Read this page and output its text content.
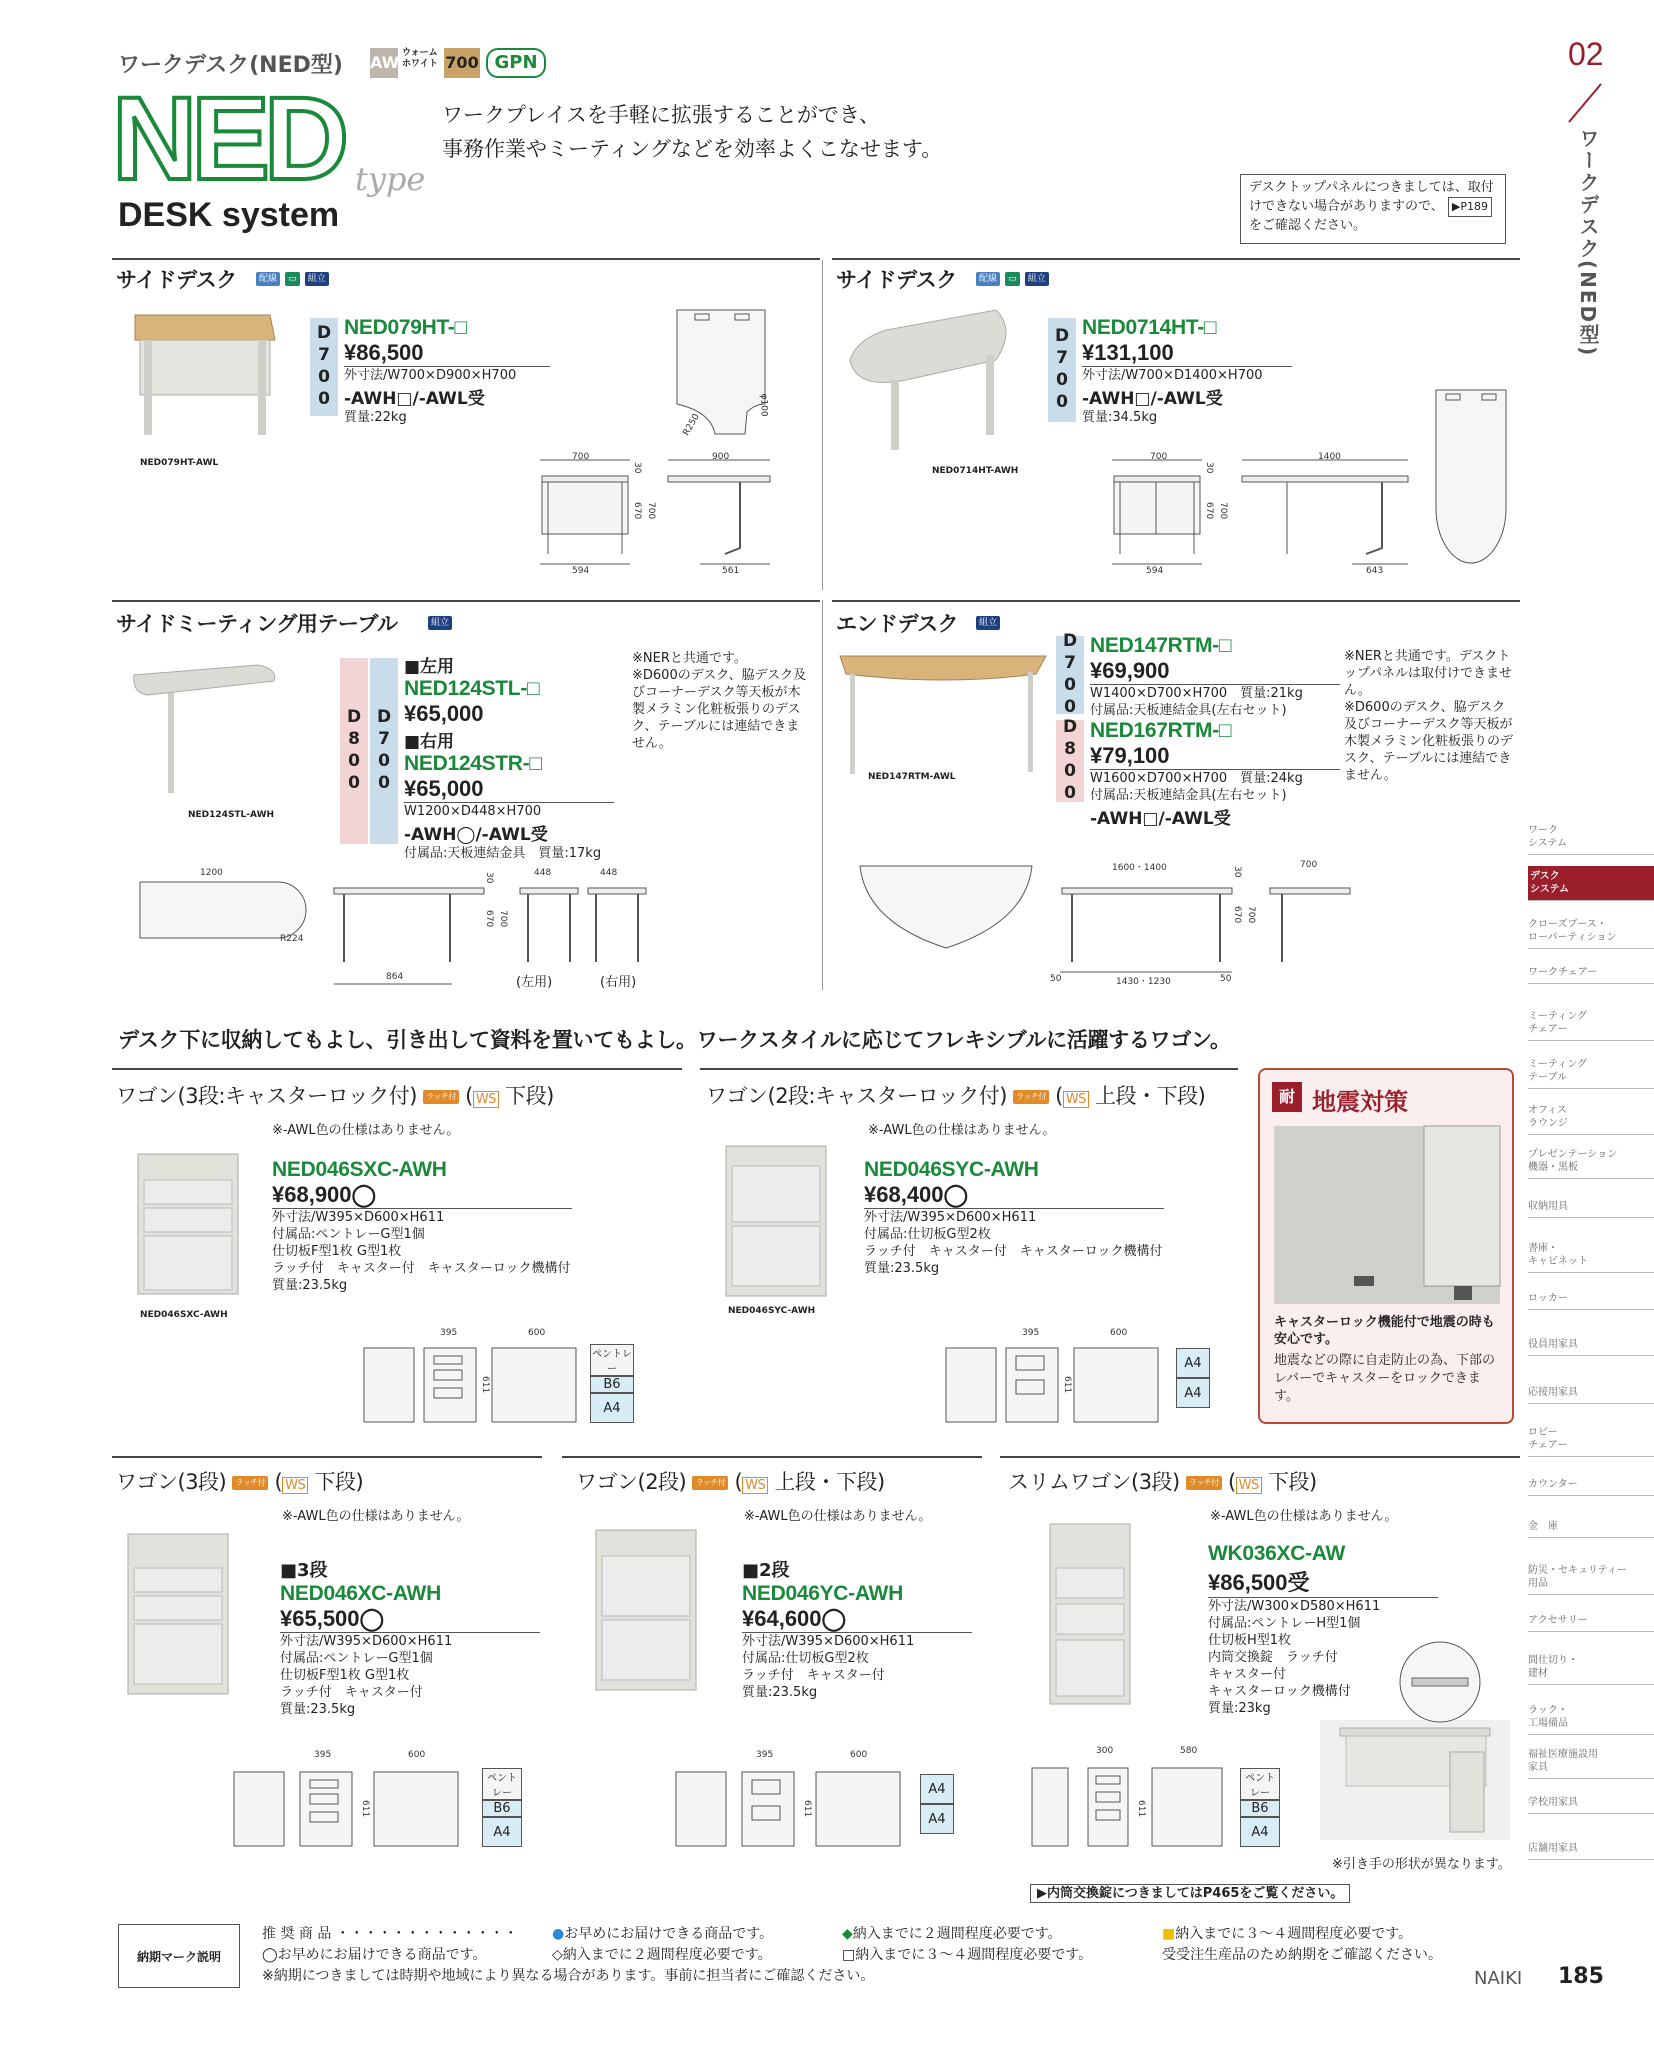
ワークデスク(NED型) AW ウォーム
ホワイト 700 GPN
NED type
DESK system
ワークプレイスを手軽に拡張することができ、
事務作業やミーティングなどを効率よくこなせます。
デスクトップパネルにつきましては、取付けできない場合がありますので、 ▶P189 をご確認ください。
02
ワークデスク(NED型)
サイドデスク	配線 ▭ 組立
NED079HT-AWL
D700 NED079HT-□
¥86,500
外寸法/W700×D900×H700
-AWH□/-AWL受
質量:22kg	R250
φ100
700	900
30
670 700
594	561
サイドデスク	配線 ▭ 組立
NED0714HT-AWH
D700 NED0714HT-□
¥131,100
外寸法/W700×D1400×H700
-AWH□/-AWL受
質量:34.5kg
700	1400
30
670 700
594	643
サイドミーティング用テーブル	組立
NED124STL-AWH
D800 D700
■左用
NED124STL-□
¥65,000
■右用
NED124STR-□
¥65,000
W1200×D448×H700
-AWH◯/-AWL受
付属品:天板連結金具　質量:17kg
※NERと共通です。
※D600のデスク、脇デスク及びコーナーデスク等天板が木製メラミン化粧板張りのデスク、テーブルには連結できません。
1200
R224
864
448	448
30
670 700
(左用)	(右用)
エンドデスク	組立
NED147RTM-AWL
D700
D800
NED147RTM-□
¥69,900
W1400×D700×H700　質量:21kg
付属品:天板連結金具(左右セット)
NED167RTM-□
¥79,100
W1600×D700×H700　質量:24kg
付属品:天板連結金具(左右セット)
-AWH□/-AWL受
※NERと共通です。デスクトップパネルは取付けできません。
※D600のデスク、脇デスク及びコーナーデスク等天板が木製メラミン化粧板張りのデスク、テーブルには連結できません。
1600・1400	700
30
670 700
50	1430・1230	50
デスク下に収納してもよし、引き出して資料を置いてもよし。ワークスタイルに応じてフレキシブルに活躍するワゴン。
ワゴン(3段:キャスターロック付) ラッチ付 ( WS 下段)
※-AWL色の仕様はありません。
NED046SXC-AWH
NED046SXC-AWH
¥68,900◯
外寸法/W395×D600×H611
付属品:ペントレーG型1個
仕切板F型1枚 G型1枚
ラッチ付　キャスター付　キャスターロック機構付
質量:23.5kg
395	600
611
ペントレー
B6
A4
ワゴン(2段:キャスターロック付) ラッチ付 ( WS 上段・下段)
※-AWL色の仕様はありません。
NED046SYC-AWH
NED046SYC-AWH
¥68,400◯
外寸法/W395×D600×H611
付属品:仕切板G型2枚
ラッチ付　キャスター付　キャスターロック機構付
質量:23.5kg
395	600
611
A4
A4
耐 地震対策
キャスターロック機能付で地震の時も安心です。
地震などの際に自走防止の為、下部のレバーでキャスターをロックできます。
ワゴン(3段) ラッチ付 ( WS 下段)
※-AWL色の仕様はありません。
■3段
NED046XC-AWH
¥65,500◯
外寸法/W395×D600×H611
付属品:ペントレーG型1個
仕切板F型1枚 G型1枚
ラッチ付　キャスター付
質量:23.5kg
395	600
611
ペントレー
B6
A4
ワゴン(2段) ラッチ付 ( WS 上段・下段)
※-AWL色の仕様はありません。
■2段
NED046YC-AWH
¥64,600◯
外寸法/W395×D600×H611
付属品:仕切板G型2枚
ラッチ付　キャスター付
質量:23.5kg
395	600
611
A4
A4
スリムワゴン(3段) ラッチ付 ( WS 下段)
※-AWL色の仕様はありません。
WK036XC-AW
¥86,500受
外寸法/W300×D580×H611
付属品:ペントレーH型1個
仕切板H型1枚
内筒交換錠　ラッチ付
キャスター付
キャスターロック機構付
質量:23kg
300	580
611
ペントレー
B6
A4
※引き手の形状が異なります。
▶内筒交換錠につきましてはP465をご覧ください。
納期マーク説明
推 奨 商 品 ・・・・・・・・・・・・・	●お早めにお届けできる商品です。	◆納入までに２週間程度必要です。	■納入までに３～４週間程度必要です。
◯お早めにお届けできる商品です。	◇納入までに２週間程度必要です。	□納入までに３～４週間程度必要です。	受受注生産品のため納期をご確認ください。
※納期につきましては時期や地域により異なる場合があります。事前に担当者にご確認ください。	NAIKI 185
ワーク
システム
デスク
システム
クローズブース・
ローパーティション
ワークチェアー
ミーティング
チェアー
ミーティング
テーブル
オフィス
ラウンジ
プレゼンテーション
機器・黒板
収納用具
書庫・
キャビネット
ロッカー
役員用家具
応接用家具
ロビー
チェアー
カウンター
金　庫
防災・セキュリティー
用品
アクセサリー
間仕切り・
建材
ラック・
工場備品
福祉医療施設用
家具
学校用家具
店舗用家具
